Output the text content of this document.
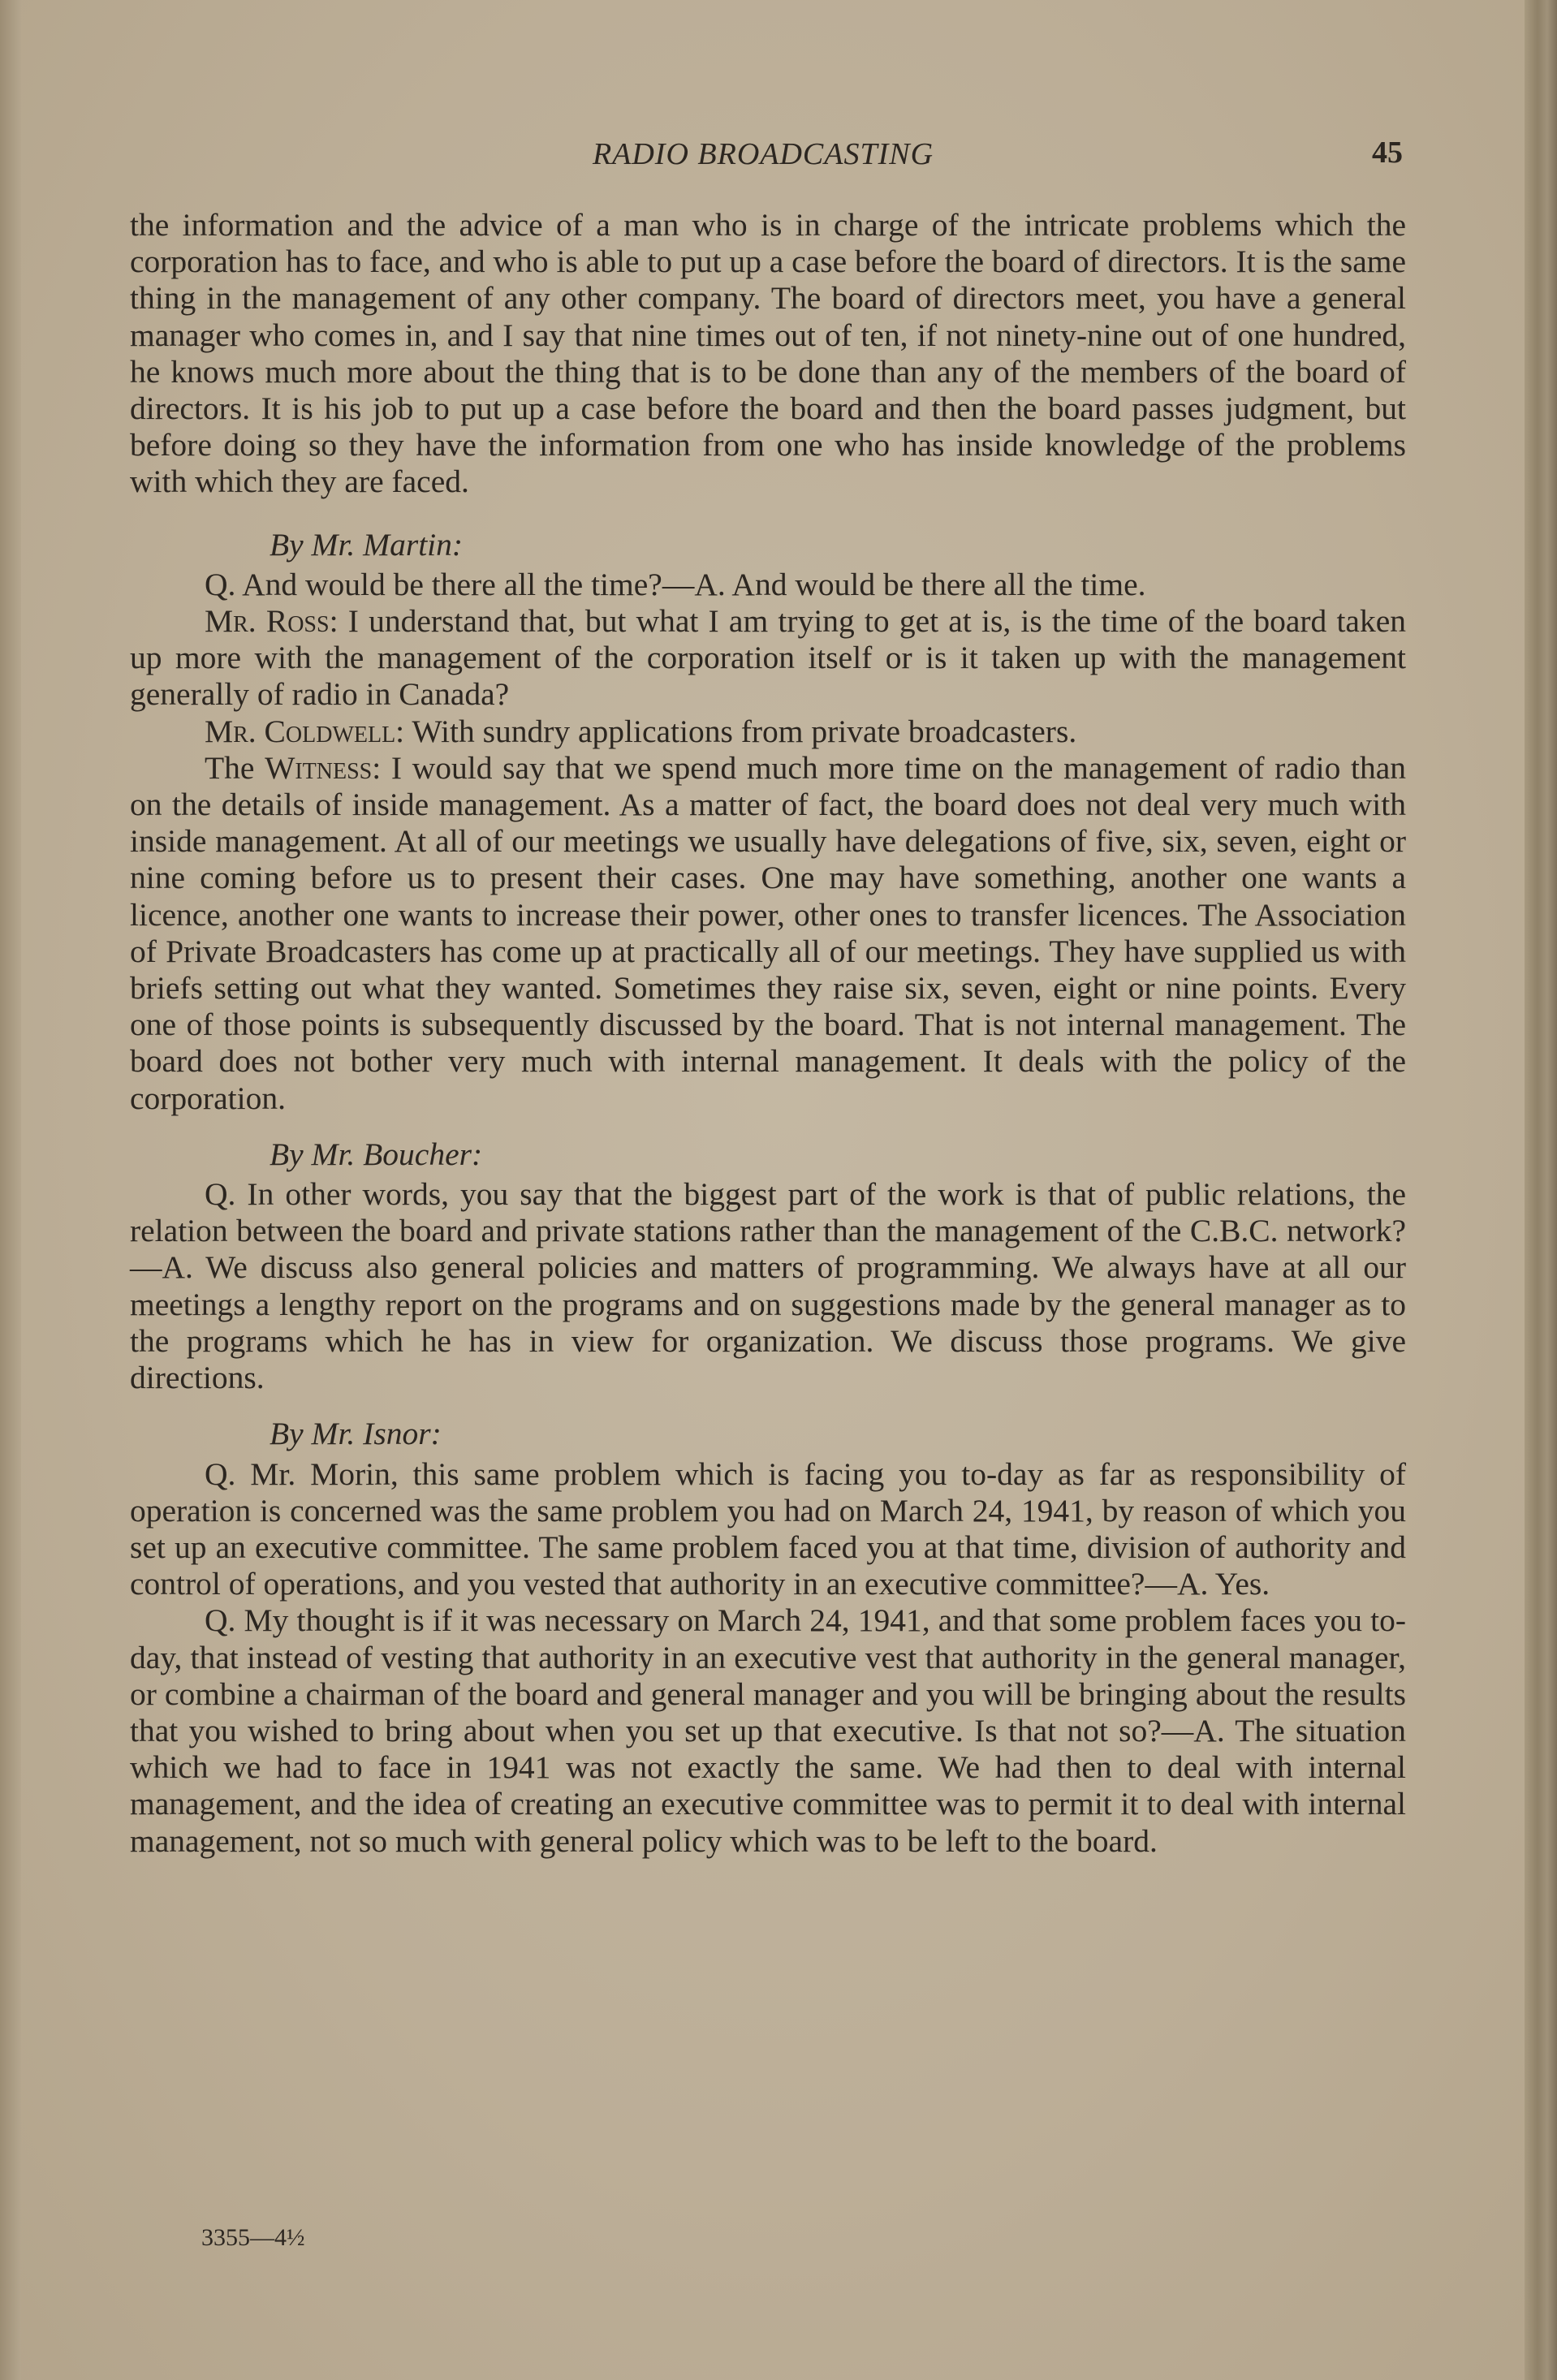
RADIO BROADCASTING	45

the information and the advice of a man who is in charge of the intricate problems which the corporation has to face, and who is able to put up a case before the board of directors. It is the same thing in the management of any other company. The board of directors meet, you have a general manager who comes in, and I say that nine times out of ten, if not ninety-nine out of one hundred, he knows much more about the thing that is to be done than any of the members of the board of directors. It is his job to put up a case before the board and then the board passes judgment, but before doing so they have the information from one who has inside knowledge of the problems with which they are faced.

By Mr. Martin:

Q. And would be there all the time?—A. And would be there all the time.

Mr. Ross: I understand that, but what I am trying to get at is, is the time of the board taken up more with the management of the corporation itself or is it taken up with the management generally of radio in Canada?

Mr. Coldwell: With sundry applications from private broadcasters.

The Witness: I would say that we spend much more time on the management of radio than on the details of inside management. As a matter of fact, the board does not deal very much with inside management. At all of our meetings we usually have delegations of five, six, seven, eight or nine coming before us to present their cases. One may have something, another one wants a licence, another one wants to increase their power, other ones to transfer licences. The Association of Private Broadcasters has come up at practically all of our meetings. They have supplied us with briefs setting out what they wanted. Sometimes they raise six, seven, eight or nine points. Every one of those points is subsequently discussed by the board. That is not internal management. The board does not bother very much with internal management. It deals with the policy of the corporation.

By Mr. Boucher:

Q. In other words, you say that the biggest part of the work is that of public relations, the relation between the board and private stations rather than the management of the C.B.C. network?—A. We discuss also general policies and matters of programming. We always have at all our meetings a lengthy report on the programs and on suggestions made by the general manager as to the programs which he has in view for organization. We discuss those programs. We give directions.

By Mr. Isnor:

Q. Mr. Morin, this same problem which is facing you to-day as far as responsibility of operation is concerned was the same problem you had on March 24, 1941, by reason of which you set up an executive committee. The same problem faced you at that time, division of authority and control of operations, and you vested that authority in an executive committee?—A. Yes.

Q. My thought is if it was necessary on March 24, 1941, and that some problem faces you to-day, that instead of vesting that authority in an executive vest that authority in the general manager, or combine a chairman of the board and general manager and you will be bringing about the results that you wished to bring about when you set up that executive. Is that not so?—A. The situation which we had to face in 1941 was not exactly the same. We had then to deal with internal management, and the idea of creating an executive committee was to permit it to deal with internal management, not so much with general policy which was to be left to the board.

3355—4½
